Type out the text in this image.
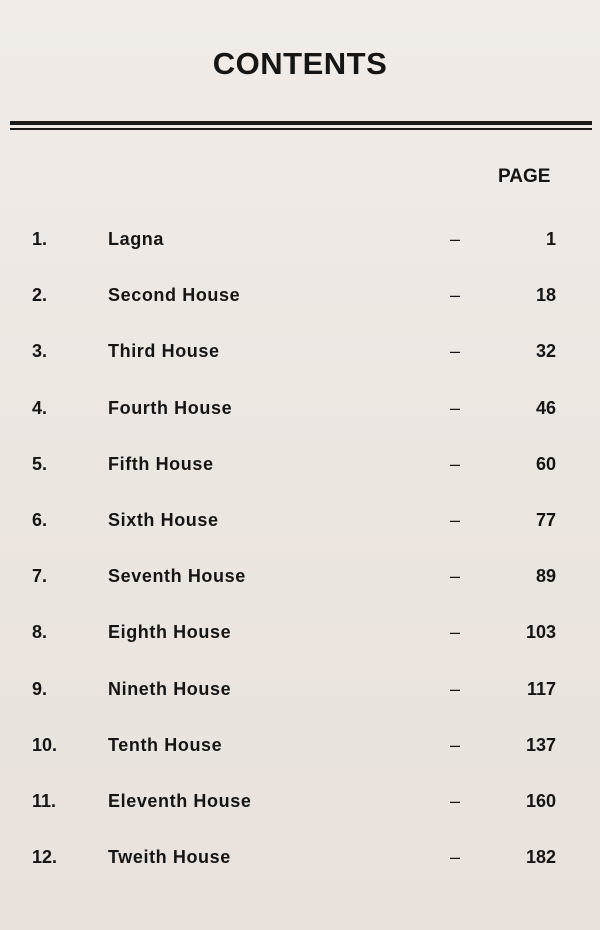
CONTENTS
PAGE
1.	Lagna	–	1
2.	Second House	–	18
3.	Third House	–	32
4.	Fourth House	–	46
5.	Fifth House	–	60
6.	Sixth House	–	77
7.	Seventh House	–	89
8.	Eighth House	–	103
9.	Nineth House	–	117
10.	Tenth House	–	137
11.	Eleventh House	–	160
12.	Tweith House	–	182
